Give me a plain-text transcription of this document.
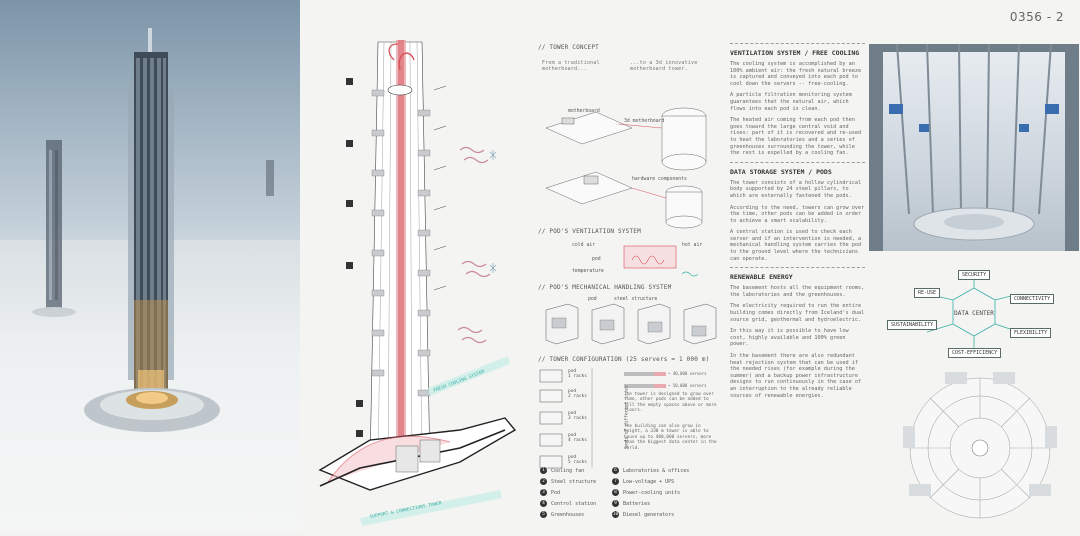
FRESH COOLING SYSTEM
SUPPORT & CONNECTIONS TOWER
// TOWER CONCEPT
From a traditional motherboard...
...to a 3d innovative motherboard tower.
motherboard
3d motherboard
hardware components
// POD'S VENTILATION SYSTEM
cold air	hot air
pod
temperature
// POD'S MECHANICAL HANDLING SYSTEM
pod	steel structure
// TOWER CONFIGURATION (25 servers = 1 000 m)
pod
1 racks
pod
2 racks
pod
3 racks
pod
4 racks
pod
5 racks
pods of different sizes
~ 40,000 servers
~ 50,000 servers
The tower is designed to grow over time, other pods can be added to fill the empty spaces above or more floors.
The building can also grow in height, a 330 m tower is able to house up to 400,000 servers, more than the biggest data center in the world.
1	Cooling fan
2	Steel structure
3	Pod
4	Control station
5	Greenhouses
6	Laboratories & offices
7	Low-voltage + UPS
8	Power-cooling units
9	Batteries
10 Diesel generators
VENTILATION SYSTEM / FREE COOLING

The cooling system is accomplished by an 100% ambient air: the fresh natural breeze is captured and conveyed into each pod to cool down the servers -- free-cooling.

A particle filtration monitoring system guarantees that the natural air, which flows into each pod is clean.

The heated air coming from each pod then goes toward the large central void and rises: part of it is recovered and re-used to heat the laboratories and a series of greenhouses surrounding the tower, while the rest is expelled by a cooling fan.

DATA STORAGE SYSTEM / PODS

The tower consists of a hollow cylindrical body supported by 24 steel pillars, to which are externally fastened the pods.

According to the need, towers can grow over the time, other pods can be added in order to achieve a smart scalability.

A central station is used to check each server and if an intervention is needed, a mechanical handling system carries the pod to the ground level where the technicians can operate.

RENEWABLE ENERGY

The basement hosts all the equipment rooms, the laboratories and the greenhouses.

The electricity required to run the entire building comes directly from Iceland's dual source grid, geothermal and hydroelectric.

In this way it is possible to have low cost, highly available and 100% green power.

In the basement there are also redundant heat rejection system that can be used if the needed rises (for example during the summer) and a backup power infrastructure designs to run continuously in the case of an interruption to the already reliable sources of renewable energies.

0356 - 2
DATA CENTER
SECURITY
RE-USE
CONNECTIVITY
SUSTAINABILITY
FLEXIBILITY
COST-EFFICIENCY
